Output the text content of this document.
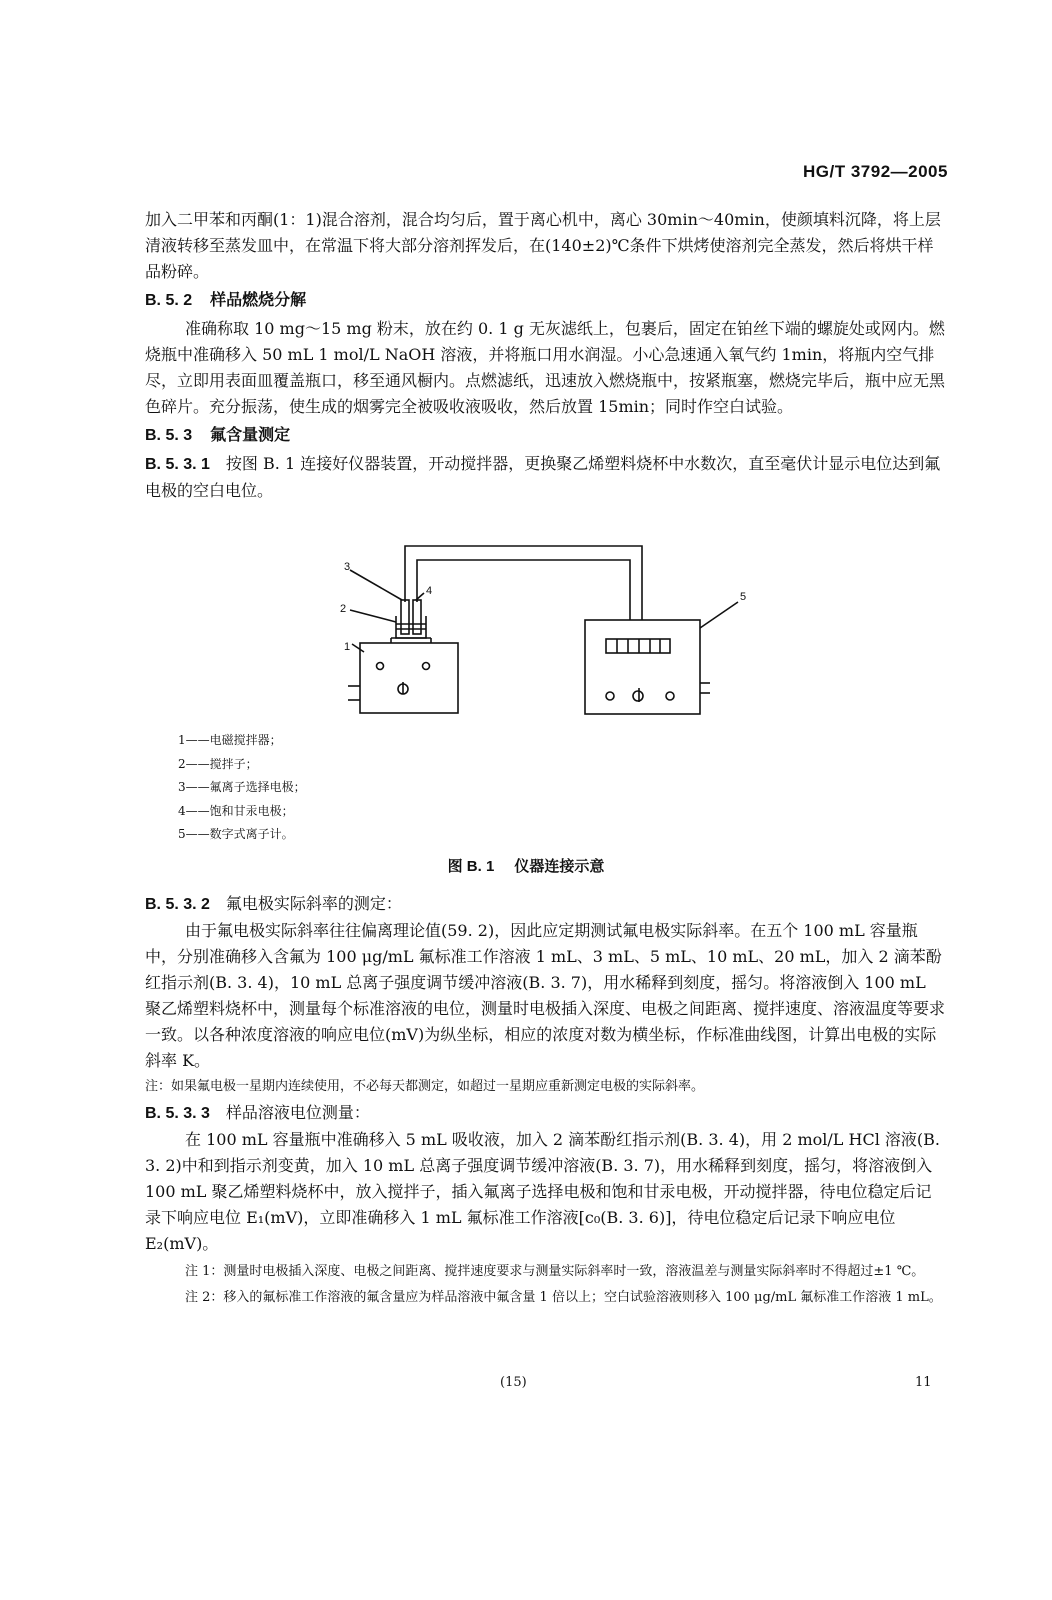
HG/T 3792—2005

加入二甲苯和丙酮(1：1)混合溶剂，混合均匀后，置于离心机中，离心 30min～40min，使颜填料沉降，将上层清液转移至蒸发皿中，在常温下将大部分溶剂挥发后，在(140±2)℃条件下烘烤使溶剂完全蒸发，然后将烘干样品粉碎。

B. 5. 2 样品燃烧分解

准确称取 10 mg～15 mg 粉末，放在约 0. 1 g 无灰滤纸上，包裹后，固定在铂丝下端的螺旋处或网内。燃烧瓶中准确移入 50 mL 1 mol/L NaOH 溶液，并将瓶口用水润湿。小心急速通入氧气约 1min，将瓶内空气排尽，立即用表面皿覆盖瓶口，移至通风橱内。点燃滤纸，迅速放入燃烧瓶中，按紧瓶塞，燃烧完毕后，瓶中应无黑色碎片。充分振荡，使生成的烟雾完全被吸收液吸收，然后放置 15min；同时作空白试验。

B. 5. 3 氟含量测定

B. 5. 3. 1 按图 B. 1 连接好仪器装置，开动搅拌器，更换聚乙烯塑料烧杯中水数次，直至毫伏计显示电位达到氟电极的空白电位。

1
2
3
4	5
1——电磁搅拌器；
2——搅拌子；
3——氟离子选择电极；
4——饱和甘汞电极；
5——数字式离子计。
图 B. 1 仪器连接示意

B. 5. 3. 2 氟电极实际斜率的测定：

由于氟电极实际斜率往往偏离理论值(59. 2)，因此应定期测试氟电极实际斜率。在五个 100 mL 容量瓶中，分别准确移入含氟为 100 μg/mL 氟标准工作溶液 1 mL、3 mL、5 mL、10 mL、20 mL，加入 2 滴苯酚红指示剂(B. 3. 4)，10 mL 总离子强度调节缓冲溶液(B. 3. 7)，用水稀释到刻度，摇匀。将溶液倒入 100 mL 聚乙烯塑料烧杯中，测量每个标准溶液的电位，测量时电极插入深度、电极之间距离、搅拌速度、溶液温度等要求一致。以各种浓度溶液的响应电位(mV)为纵坐标，相应的浓度对数为横坐标，作标准曲线图，计算出电极的实际斜率 K。

注：如果氟电极一星期内连续使用，不必每天都测定，如超过一星期应重新测定电极的实际斜率。

B. 5. 3. 3 样品溶液电位测量：

在 100 mL 容量瓶中准确移入 5 mL 吸收液，加入 2 滴苯酚红指示剂(B. 3. 4)，用 2 mol/L HCl 溶液(B. 3. 2)中和到指示剂变黄，加入 10 mL 总离子强度调节缓冲溶液(B. 3. 7)，用水稀释到刻度，摇匀，将溶液倒入 100 mL 聚乙烯塑料烧杯中，放入搅拌子，插入氟离子选择电极和饱和甘汞电极，开动搅拌器，待电位稳定后记录下响应电位 E₁(mV)，立即准确移入 1 mL 氟标准工作溶液[c₀(B. 3. 6)]，待电位稳定后记录下响应电位 E₂(mV)。

注 1：测量时电极插入深度、电极之间距离、搅拌速度要求与测量实际斜率时一致，溶液温差与测量实际斜率时不得超过±1 ℃。

注 2：移入的氟标准工作溶液的氟含量应为样品溶液中氟含量 1 倍以上；空白试验溶液则移入 100 μg/mL 氟标准工作溶液 1 mL。

(15)	11
